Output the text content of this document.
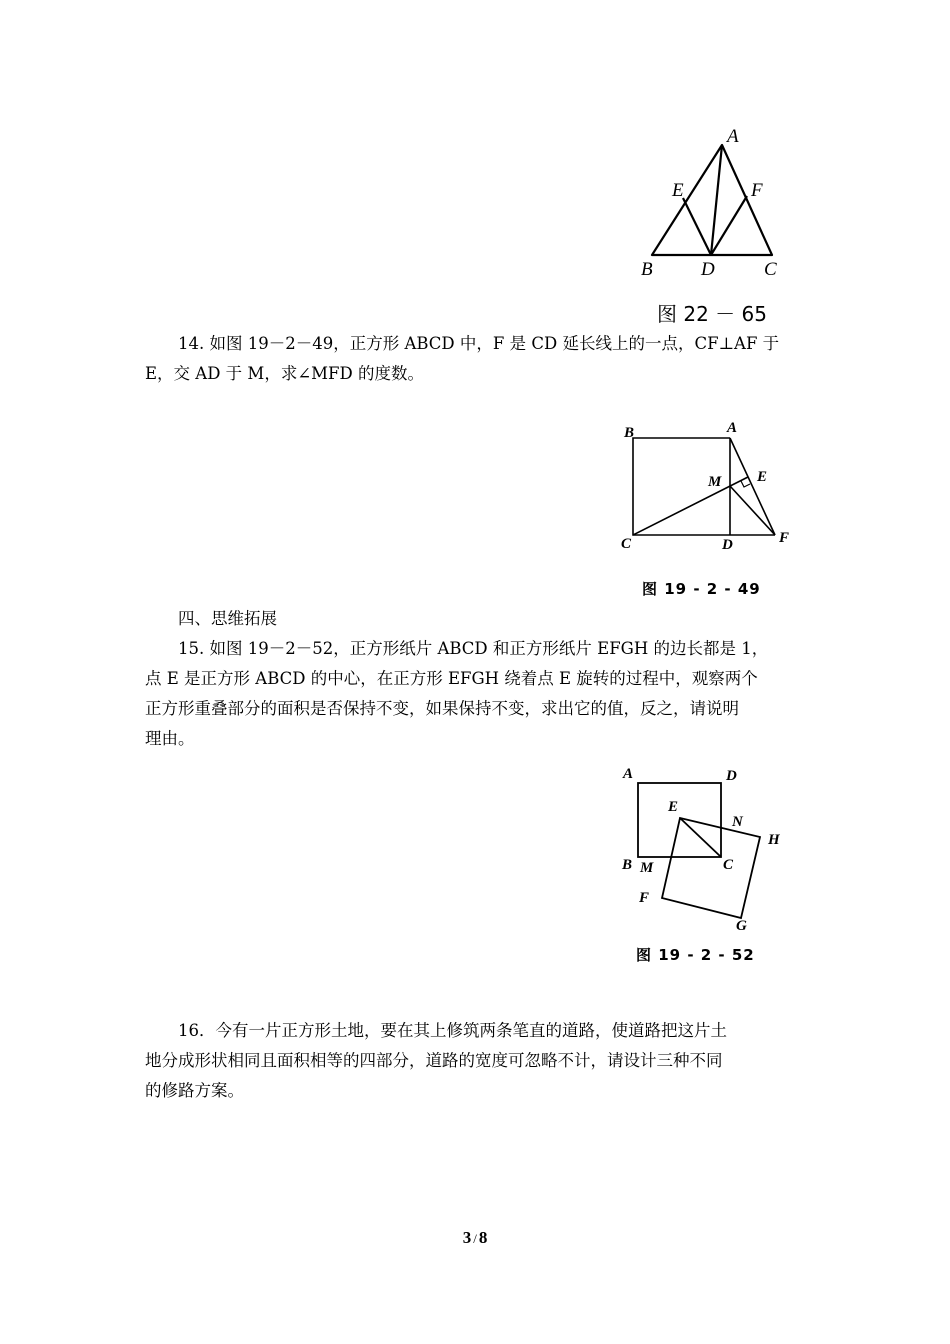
A
E	F
B	D	C
图 22 － 65

14. 如图 19－2－49，正方形 ABCD 中，F 是 CD 延长线上的一点，CF⊥AF 于

E，交 AD 于 M，求∠MFD 的度数。

B	A
M E
C	D	F
图 19 - 2 - 49

四、思维拓展

15. 如图 19－2－52，正方形纸片 ABCD 和正方形纸片 EFGH 的边长都是 1，

点 E 是正方形 ABCD 的中心，在正方形 EFGH 绕着点 E 旋转的过程中，观察两个

正方形重叠部分的面积是否保持不变，如果保持不变，求出它的值，反之，请说明

理由。

A	D
E
N
H
B M	C
F
G
图 19 - 2 - 52

16．今有一片正方形土地，要在其上修筑两条笔直的道路，使道路把这片土

地分成形状相同且面积相等的四部分，道路的宽度可忽略不计，请设计三种不同

的修路方案。

3 / 8
